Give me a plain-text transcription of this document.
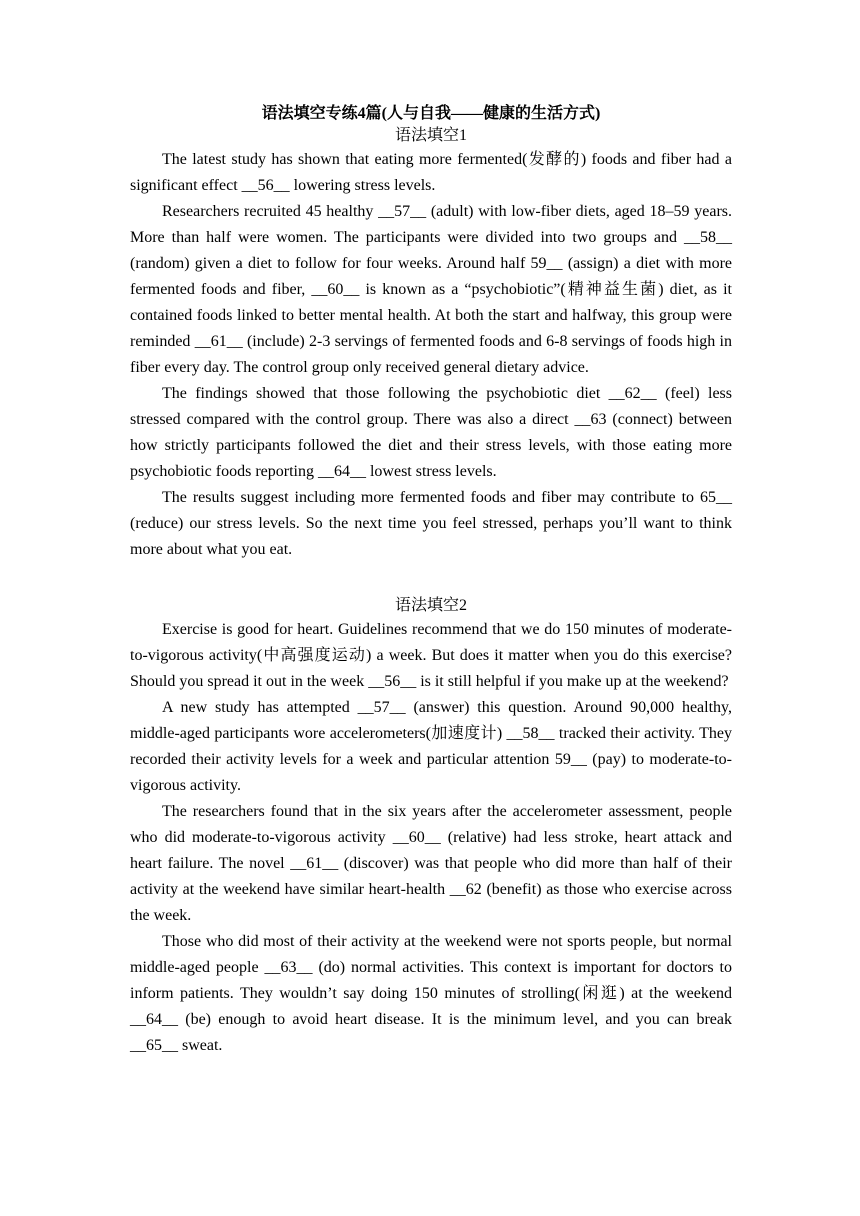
语法填空专练4篇(人与自我——健康的生活方式)

语法填空1

The latest study has shown that eating more fermented(发酵的) foods and fiber had a significant effect __56__ lowering stress levels.

Researchers recruited 45 healthy __57__ (adult) with low-fiber diets, aged 18–59 years. More than half were women. The participants were divided into two groups and __58__ (random) given a diet to follow for four weeks. Around half 59__ (assign) a diet with more fermented foods and fiber, __60__ is known as a “psychobiotic”(精神益生菌) diet, as it contained foods linked to better mental health. At both the start and halfway, this group were reminded __61__ (include) 2-3 servings of fermented foods and 6-8 servings of foods high in fiber every day. The control group only received general dietary advice.

The findings showed that those following the psychobiotic diet __62__ (feel) less stressed compared with the control group. There was also a direct __63 (connect) between how strictly participants followed the diet and their stress levels, with those eating more psychobiotic foods reporting __64__ lowest stress levels.

The results suggest including more fermented foods and fiber may contribute to 65__ (reduce) our stress levels. So the next time you feel stressed, perhaps you’ll want to think more about what you eat.

语法填空2

Exercise is good for heart. Guidelines recommend that we do 150 minutes of moderate-to-vigorous activity(中高强度运动) a week. But does it matter when you do this exercise? Should you spread it out in the week __56__ is it still helpful if you make up at the weekend?

A new study has attempted __57__ (answer) this question. Around 90,000 healthy, middle-aged participants wore accelerometers(加速度计) __58__ tracked their activity. They recorded their activity levels for a week and particular attention 59__ (pay) to moderate-to-vigorous activity.

The researchers found that in the six years after the accelerometer assessment, people who did moderate-to-vigorous activity __60__ (relative) had less stroke, heart attack and heart failure. The novel __61__ (discover) was that people who did more than half of their activity at the weekend have similar heart-health __62 (benefit) as those who exercise across the week.

Those who did most of their activity at the weekend were not sports people, but normal middle-aged people __63__ (do) normal activities. This context is important for doctors to inform patients. They wouldn’t say doing 150 minutes of strolling(闲逛) at the weekend __64__ (be) enough to avoid heart disease. It is the minimum level, and you can break __65__ sweat.
